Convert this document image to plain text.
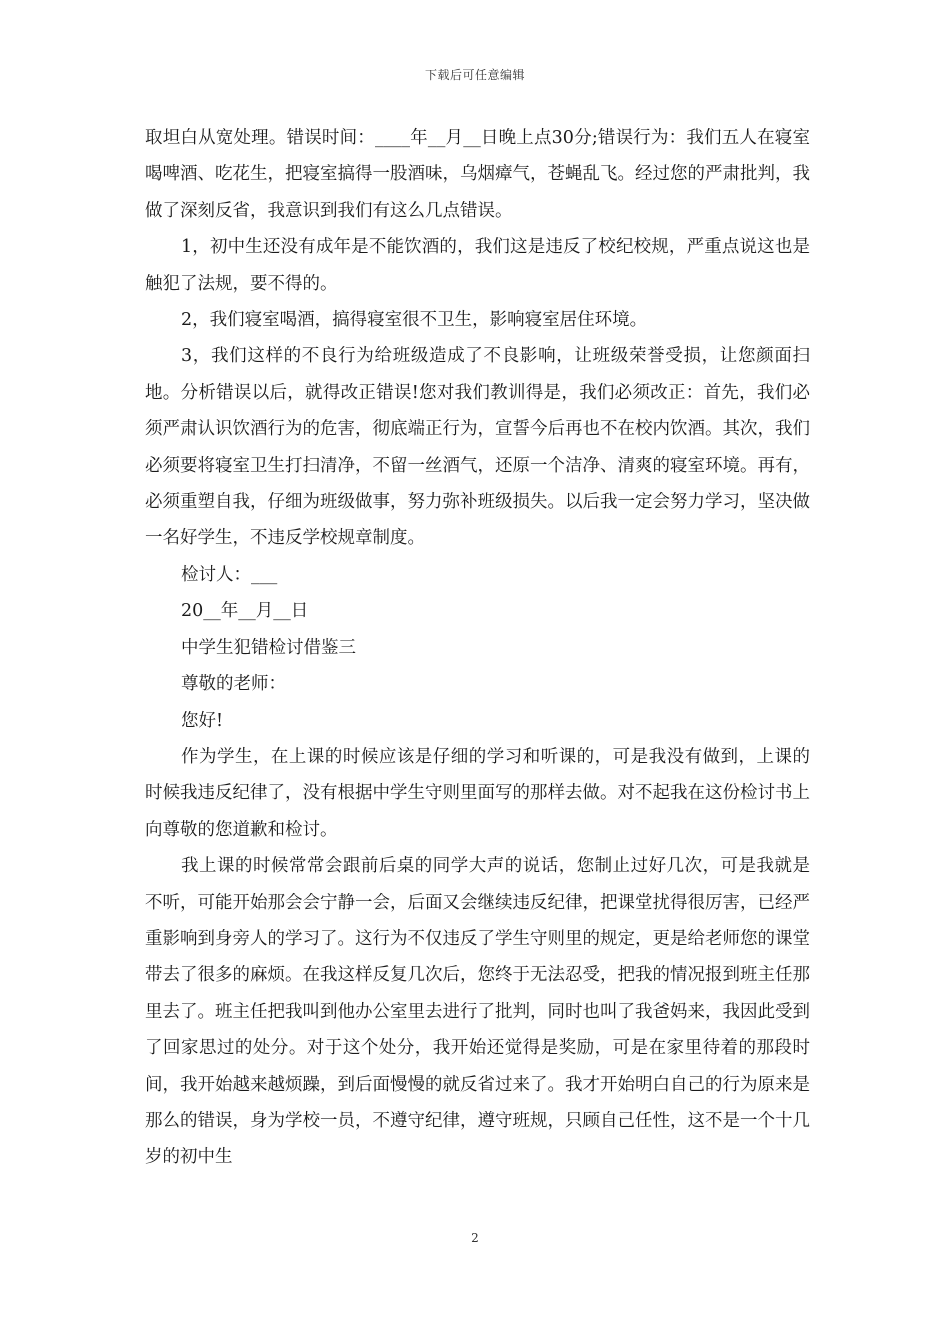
下载后可任意编辑

取坦白从宽处理。错误时间：____年__月__日晚上点30分;错误行为：我们五人在寝室喝啤酒、吃花生，把寝室搞得一股酒味，乌烟瘴气，苍蝇乱飞。经过您的严肃批判，我做了深刻反省，我意识到我们有这么几点错误。

1，初中生还没有成年是不能饮酒的，我们这是违反了校纪校规，严重点说这也是触犯了法规，要不得的。

2，我们寝室喝酒，搞得寝室很不卫生，影响寝室居住环境。

3，我们这样的不良行为给班级造成了不良影响，让班级荣誉受损，让您颜面扫地。分析错误以后，就得改正错误!您对我们教训得是，我们必须改正：首先，我们必须严肃认识饮酒行为的危害，彻底端正行为，宣誓今后再也不在校内饮酒。其次，我们必须要将寝室卫生打扫清净，不留一丝酒气，还原一个洁净、清爽的寝室环境。再有，必须重塑自我，仔细为班级做事，努力弥补班级损失。以后我一定会努力学习，坚决做一名好学生，不违反学校规章制度。

检讨人：___

20__年__月__日

中学生犯错检讨借鉴三

尊敬的老师：

您好!

作为学生，在上课的时候应该是仔细的学习和听课的，可是我没有做到，上课的时候我违反纪律了，没有根据中学生守则里面写的那样去做。对不起我在这份检讨书上向尊敬的您道歉和检讨。

我上课的时候常常会跟前后桌的同学大声的说话，您制止过好几次，可是我就是不听，可能开始那会会宁静一会，后面又会继续违反纪律，把课堂扰得很厉害，已经严重影响到身旁人的学习了。这行为不仅违反了学生守则里的规定，更是给老师您的课堂带去了很多的麻烦。在我这样反复几次后，您终于无法忍受，把我的情况报到班主任那里去了。班主任把我叫到他办公室里去进行了批判，同时也叫了我爸妈来，我因此受到了回家思过的处分。对于这个处分，我开始还觉得是奖励，可是在家里待着的那段时间，我开始越来越烦躁，到后面慢慢的就反省过来了。我才开始明白自己的行为原来是那么的错误，身为学校一员，不遵守纪律，遵守班规，只顾自己任性，这不是一个十几岁的初中生

2
